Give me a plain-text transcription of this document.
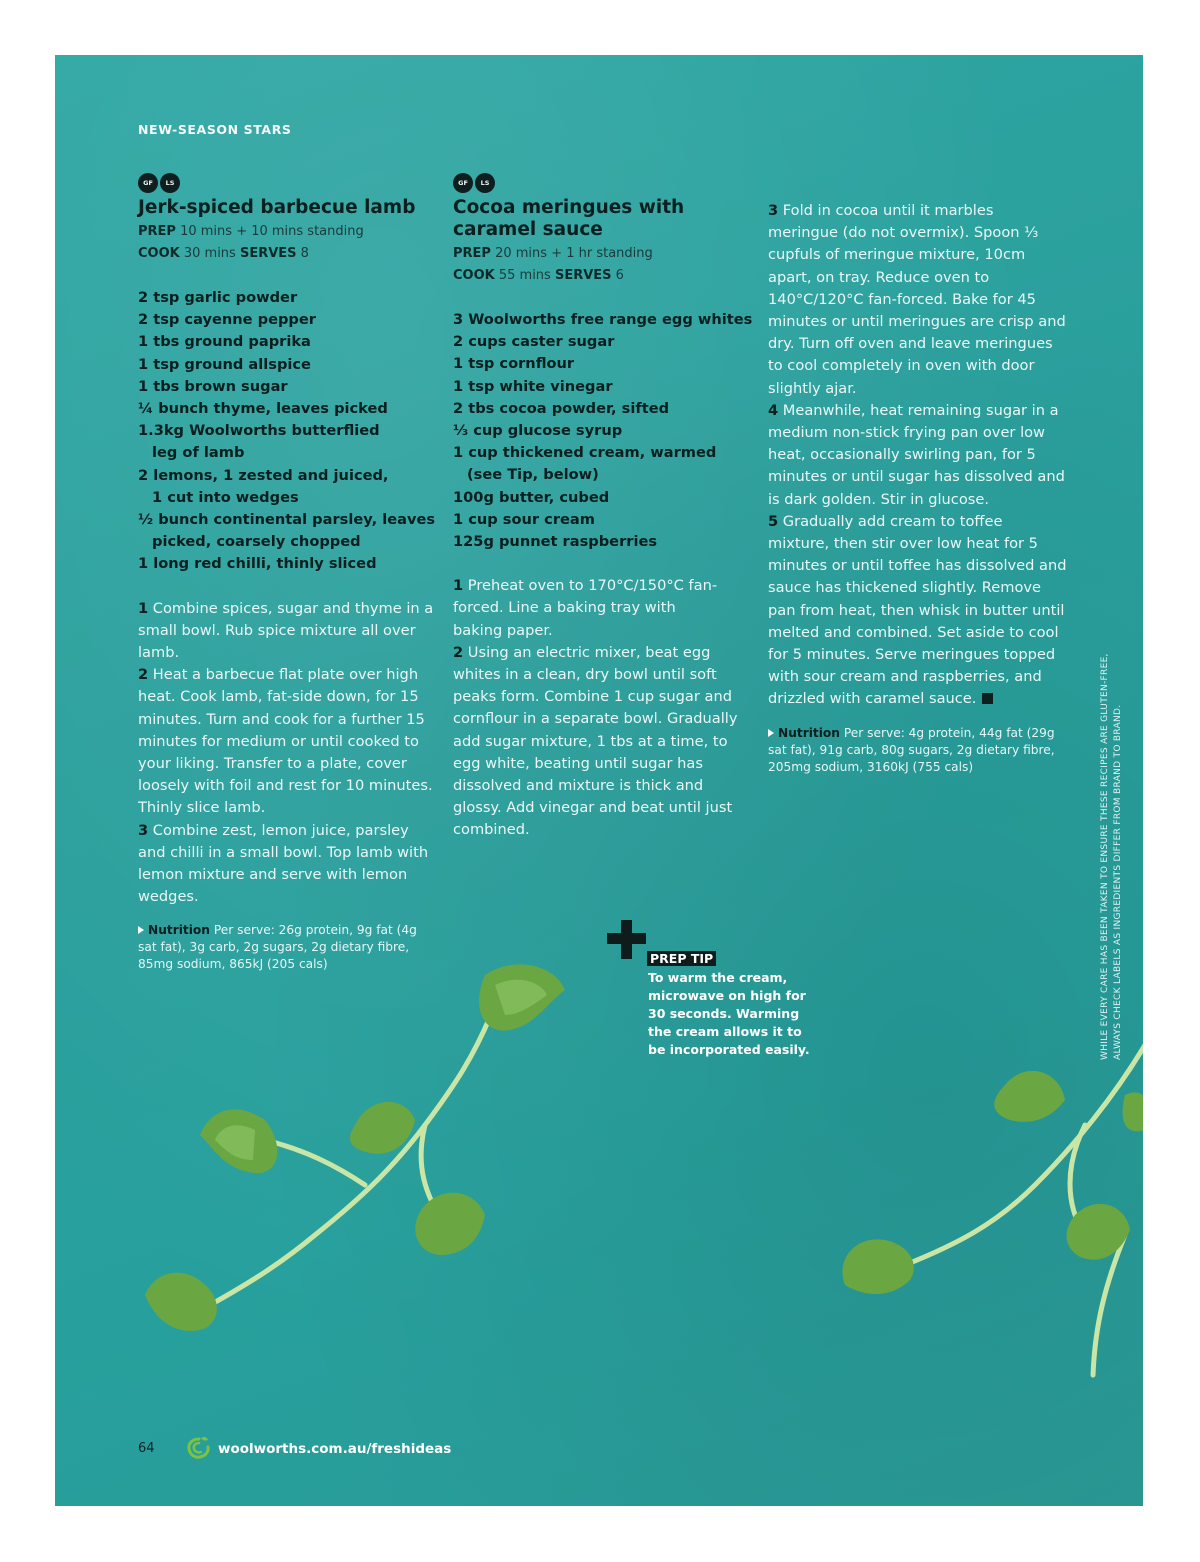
NEW-SEASON STARS
GF LS
Jerk-spiced barbecue lamb
PREP 10 mins + 10 mins standing
COOK 30 mins SERVES 8
2 tsp garlic powder
2 tsp cayenne pepper
1 tbs ground paprika
1 tsp ground allspice
1 tbs brown sugar
¼ bunch thyme, leaves picked
1.3kg Woolworths butterflied leg of lamb
2 lemons, 1 zested and juiced, 1 cut into wedges
½ bunch continental parsley, leaves picked, coarsely chopped
1 long red chilli, thinly sliced
1 Combine spices, sugar and thyme in a small bowl. Rub spice mixture all over lamb.
2 Heat a barbecue flat plate over high heat. Cook lamb, fat-side down, for 15 minutes. Turn and cook for a further 15 minutes for medium or until cooked to your liking. Transfer to a plate, cover loosely with foil and rest for 10 minutes. Thinly slice lamb.
3 Combine zest, lemon juice, parsley and chilli in a small bowl. Top lamb with lemon mixture and serve with lemon wedges.
Nutrition Per serve: 26g protein, 9g fat (4g sat fat), 3g carb, 2g sugars, 2g dietary fibre, 85mg sodium, 865kJ (205 cals)
GF LS
Cocoa meringues with caramel sauce
PREP 20 mins + 1 hr standing
COOK 55 mins SERVES 6
3 Woolworths free range egg whites
2 cups caster sugar
1 tsp cornflour
1 tsp white vinegar
2 tbs cocoa powder, sifted
⅓ cup glucose syrup
1 cup thickened cream, warmed (see Tip, below)
100g butter, cubed
1 cup sour cream
125g punnet raspberries
1 Preheat oven to 170°C/150°C fan-forced. Line a baking tray with baking paper.
2 Using an electric mixer, beat egg whites in a clean, dry bowl until soft peaks form. Combine 1 cup sugar and cornflour in a separate bowl. Gradually add sugar mixture, 1 tbs at a time, to egg white, beating until sugar has dissolved and mixture is thick and glossy. Add vinegar and beat until just combined.
3 Fold in cocoa until it marbles meringue (do not overmix). Spoon ⅓ cupfuls of meringue mixture, 10cm apart, on tray. Reduce oven to 140°C/120°C fan-forced. Bake for 45 minutes or until meringues are crisp and dry. Turn off oven and leave meringues to cool completely in oven with door slightly ajar.
4 Meanwhile, heat remaining sugar in a medium non-stick frying pan over low heat, occasionally swirling pan, for 5 minutes or until sugar has dissolved and is dark golden. Stir in glucose.
5 Gradually add cream to toffee mixture, then stir over low heat for 5 minutes or until toffee has dissolved and sauce has thickened slightly. Remove pan from heat, then whisk in butter until melted and combined. Set aside to cool for 5 minutes. Serve meringues topped with sour cream and raspberries, and drizzled with caramel sauce.
Nutrition Per serve: 4g protein, 44g fat (29g sat fat), 91g carb, 80g sugars, 2g dietary fibre, 205mg sodium, 3160kJ (755 cals)
PREP TIP
To warm the cream, microwave on high for 30 seconds. Warming the cream allows it to be incorporated easily.	WHILE EVERY CARE HAS BEEN TAKEN TO ENSURE THESE RECIPES ARE GLUTEN-FREE, ALWAYS CHECK LABELS AS INGREDIENTS DIFFER FROM BRAND TO BRAND.
64	woolworths.com.au/freshideas
